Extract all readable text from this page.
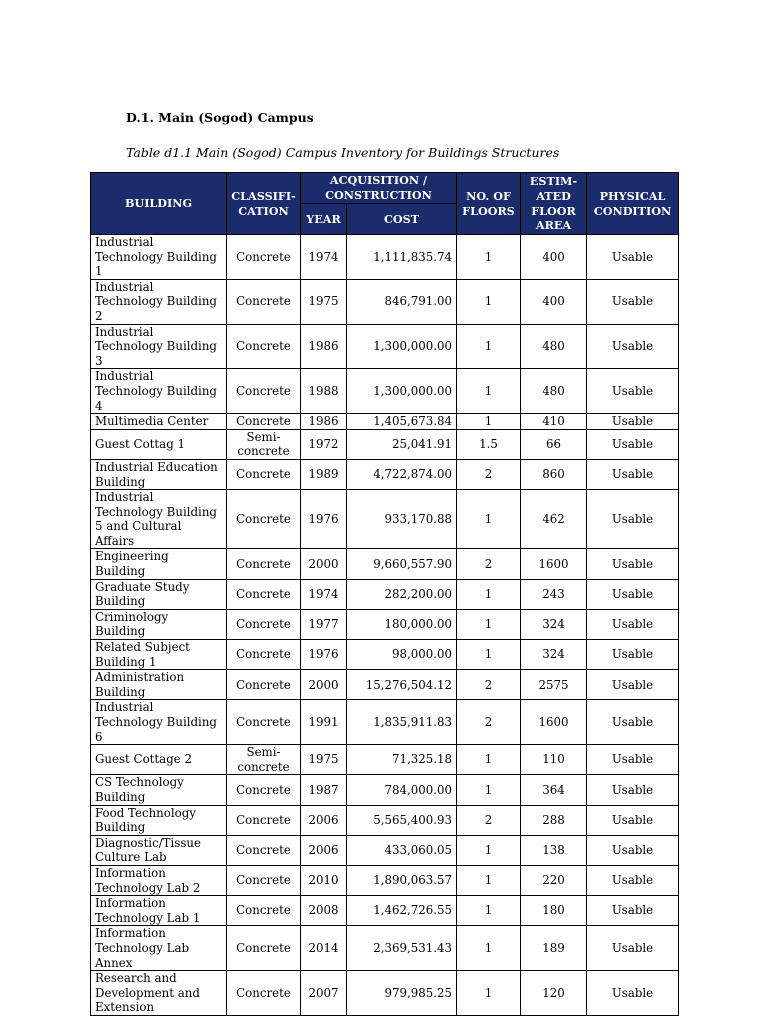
D.1. Main (Sogod) Campus

Table d1.1 Main (Sogod) Campus Inventory for Buildings Structures

BUILDING	CLASSIFI- CATION	ACQUISITION / CONSTRUCTION		NO. OF FLOORS	ESTIM- ATED FLOOR AREA	PHYSICAL CONDITION
		YEAR	COST			
Industrial Technology Building 1	Concrete	1974	1,111,835.74	1	400	Usable
Industrial Technology Building 2	Concrete	1975	846,791.00	1	400	Usable
Industrial Technology Building 3	Concrete	1986	1,300,000.00	1	480	Usable
Industrial Technology Building 4	Concrete	1988	1,300,000.00	1	480	Usable
Multimedia Center	Concrete	1986	1,405,673.84	1	410	Usable
Guest Cottag 1	Semi- concrete	1972	25,041.91	1.5	66	Usable
Industrial Education Building	Concrete	1989	4,722,874.00	2	860	Usable
Industrial Technology Building 5 and Cultural Affairs	Concrete	1976	933,170.88	1	462	Usable
Engineering Building	Concrete	2000	9,660,557.90	2	1600	Usable
Graduate Study Building	Concrete	1974	282,200.00	1	243	Usable
Criminology Building	Concrete	1977	180,000.00	1	324	Usable
Related Subject Building 1	Concrete	1976	98,000.00	1	324	Usable
Administration Building	Concrete	2000	15,276,504.12	2	2575	Usable
Industrial Technology Building 6	Concrete	1991	1,835,911.83	2	1600	Usable
Guest Cottage 2	Semi- concrete	1975	71,325.18	1	110	Usable
CS Technology Building	Concrete	1987	784,000.00	1	364	Usable
Food Technology Building	Concrete	2006	5,565,400.93	2	288	Usable
Diagnostic/Tissue Culture Lab	Concrete	2006	433,060.05	1	138	Usable
Information Technology Lab 2	Concrete	2010	1,890,063.57	1	220	Usable
Information Technology Lab 1	Concrete	2008	1,462,726.55	1	180	Usable
Information Technology Lab Annex	Concrete	2014	2,369,531.43	1	189	Usable
Research and Development and Extension	Concrete	2007	979,985.25	1	120	Usable
